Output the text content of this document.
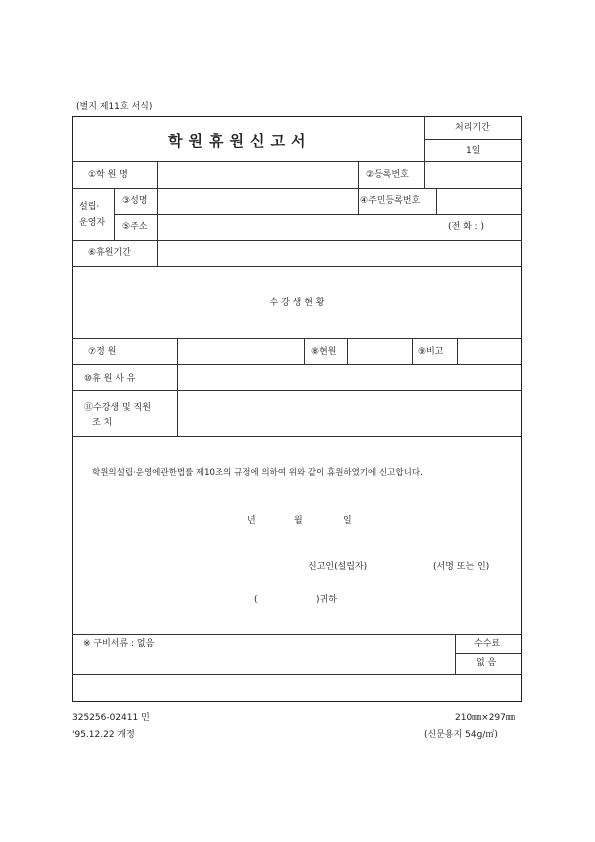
(별지 제11호 서식)
학원휴원신고서
처리기간
1일
①학 원 명	②등록번호
설립·
운영자
③성명	④주민등록번호
⑤주소	(전 화 : )
⑥휴원기간
수 강 생 현 황
⑦정 원	⑧현원	⑨비고
⑩휴 원 사 유
⑪수강생 및 직원
조 치
학원의설립·운영에관한법률 제10조의 규정에 의하여 위와 같이 휴원하였기에 신고합니다.
년	월	일
신고인(설립자)	(서명 또는 인)
(	)귀하
※ 구비서류 : 없음	수수료
없 음
325256-02411 민
'95.12.22 개정
210㎜×297㎜
(신문용지 54g/㎡)
